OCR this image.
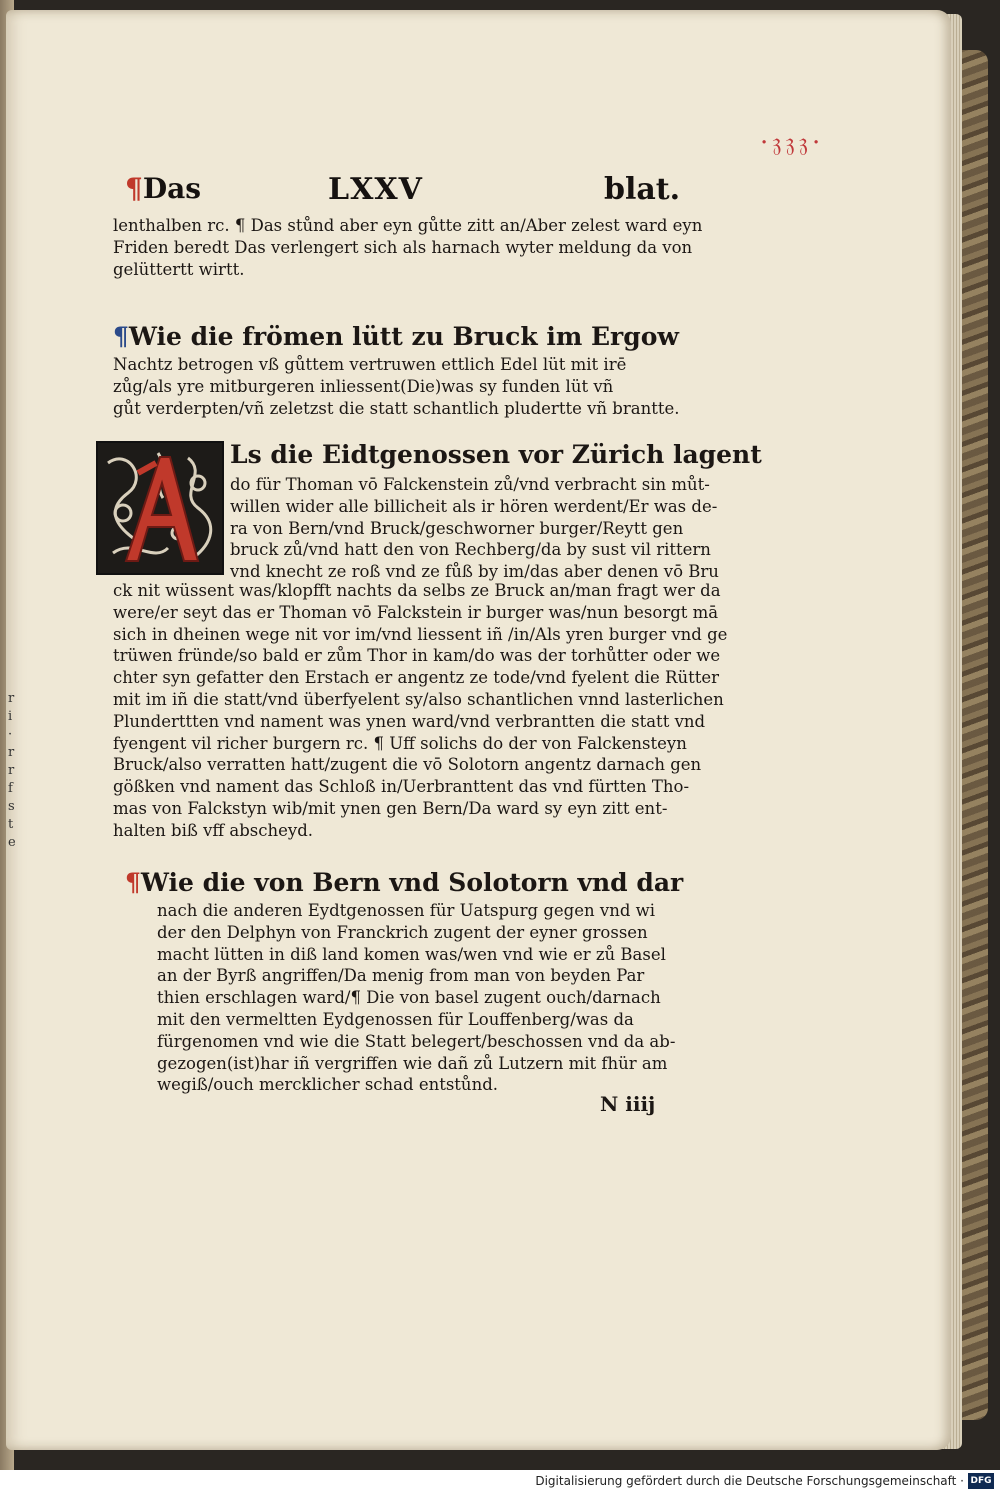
r
i
·
r
r
f
s
t
e
·𝔷𝔷𝔷·
¶Das	LXXV	blat.
lenthalben rc. ¶ Das stůnd aber eyn gůtte zitt an/Aber zelest ward eyn
Friden beredt Das verlengert sich als harnach wyter meldung da von
gelüttertt wirtt.
¶Wie die frömen lütt zu Bruck im Ergow
Nachtz betrogen vß gůttem vertruwen ettlich Edel lüt mit irē
zůg/als yre mitburgeren inliessent(Die)was sy funden lüt vñ
gůt verderpten/vñ zeletzst die statt schantlich pludertte vñ brantte.
Ls die Eidtgenossen vor Zürich lagent
do für Thoman vō Falckenstein zů/vnd verbracht sin můt-
willen wider alle billicheit als ir hören werdent/Er was de-
ra von Bern/vnd Bruck/geschworner burger/Reytt gen
bruck zů/vnd hatt den von Rechberg/da by sust vil rittern
vnd knecht ze roß vnd ze fůß by im/das aber denen vō Bru
ck nit wüssent was/klopfft nachts da selbs ze Bruck an/man fragt wer da
were/er seyt das er Thoman vō Falckstein ir burger was/nun besorgt mā
sich in dheinen wege nit vor im/vnd liessent iñ /in/Als yren burger vnd ge
trüwen fründe/so bald er zům Thor in kam/do was der torhůtter oder we
chter syn gefatter den Erstach er angentz ze tode/vnd fyelent die Rütter
mit im iñ die statt/vnd überfyelent sy/also schantlichen vnnd lasterlichen
Plunderttten vnd nament was ynen ward/vnd verbrantten die statt vnd
fyengent vil richer burgern rc. ¶ Uff solichs do der von Falckensteyn
Bruck/also verratten hatt/zugent die vō Solotorn angentz darnach gen
gößken vnd nament das Schloß in/Uerbranttent das vnd fürtten Tho-
mas von Falckstyn wib/mit ynen gen Bern/Da ward sy eyn zitt ent-
halten biß vff abscheyd.
¶Wie die von Bern vnd Solotorn vnd dar
nach die anderen Eydtgenossen für Uatspurg gegen vnd wi
der den Delphyn von Franckrich zugent der eyner grossen
macht lütten in diß land komen was/wen vnd wie er zů Basel
an der Byrß angriffen/Da menig from man von beyden Par
thien erschlagen ward/¶ Die von basel zugent ouch/darnach
mit den vermeltten Eydgenossen für Louffenberg/was da
fürgenomen vnd wie die Statt belegert/beschossen vnd da ab-
gezogen(ist)har iñ vergriffen wie dañ zů Lutzern mit fhür am
wegiß/ouch mercklicher schad entstůnd.
N iiij
Digitalisierung gefördert durch die Deutsche Forschungsgemeinschaft · DFG
